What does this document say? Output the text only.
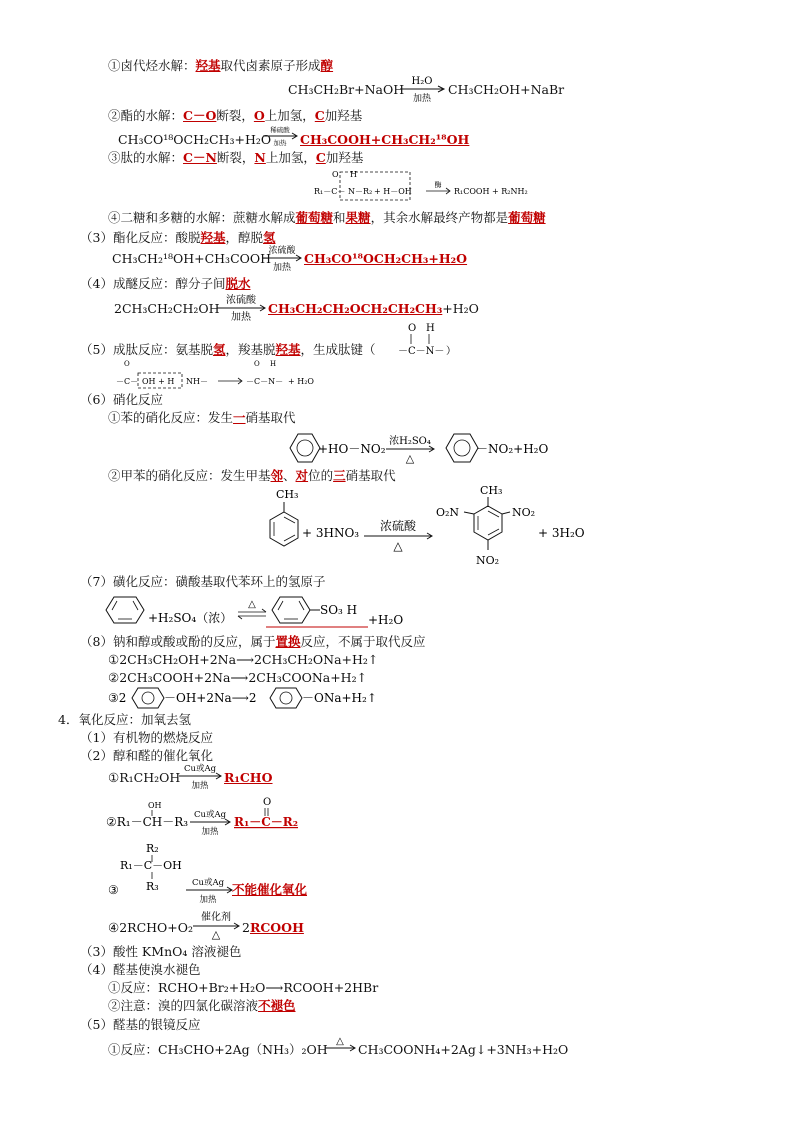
①卤代烃水解：羟基取代卤素原子形成醇
CH₃CH₂Br+NaOH
H₂O
加热
CH₃CH₂OH+NaBr
②酯的水解：C－O断裂，O上加氢，C加羟基
CH₃CO¹⁸OCH₂CH₃+H₂O
稀硫酸
加热 CH₃COOH+CH₃CH₂¹⁸OH
③肽的水解：C－N断裂，N上加氢，C加羟基
O H
R₁－C－ N－R₂ + H－OH
酶
R₁COOH + R₂NH₂
④二糖和多糖的水解：蔗糖水解成葡萄糖和果糖，其余水解最终产物都是葡萄糖
（3）酯化反应：酸脱羟基，醇脱氢
CH₃CH₂¹⁸OH+CH₃COOH
浓硫酸
加热
CH₃CO¹⁸OCH₂CH₃+H₂O
（4）成醚反应：醇分子间脱水
2CH₃CH₂CH₂OH
浓硫酸
加热
CH₃CH₂CH₂OCH₂CH₂CH₃+H₂O
（5）成肽反应：氨基脱氢，羧基脱羟基，生成肽键（
O H
－C－N－ ）
O
－C－ OH + H NH－
O H
－C－N－ + H₂O
（6）硝化反应
①苯的硝化反应：发生一硝基取代
+HO－NO₂
浓H₂SO₄
△
－NO₂+H₂O
②甲苯的硝化反应：发生甲基邻、对位的三硝基取代
CH₃
+ 3HNO₃ 浓硫酸
△
CH₃
O₂N	NO₂
NO₂
+ 3H₂O
（7）磺化反应：磺酸基取代苯环上的氢原子
+H₂SO₄（浓）
△	SO₃ H
+H₂O
（8）钠和醇或酸或酚的反应，属于置换反应，不属于取代反应
①2CH₃CH₂OH+2Na⟶2CH₃CH₂ONa+H₂↑
②2CH₃COOH+2Na⟶2CH₃COONa+H₂↑
③2	－OH+2Na⟶2	－ONa+H₂↑
4．氧化反应：加氧去氢
（1）有机物的燃烧反应
（2）醇和醛的催化氧化
①R₁CH₂OH
Cu或Ag
加热
R₁CHO
OH
②R₁－CH－R₃ Cu或Ag
加热
O
R₁－C－R₂
R₂
R₁－C－OH
R₃
③	Cu或Ag
加热
不能催化氧化
④2RCHO+O₂
催化剂
△ 2RCOOH
（3）酸性 KMnO₄ 溶液褪色
（4）醛基使溴水褪色
①反应：RCHO+Br₂+H₂O⟶RCOOH+2HBr
②注意：溴的四氯化碳溶液不褪色
（5）醛基的银镜反应
①反应：CH₃CHO+2Ag（NH₃）₂OH
△
CH₃COONH₄+2Ag↓+3NH₃+H₂O
